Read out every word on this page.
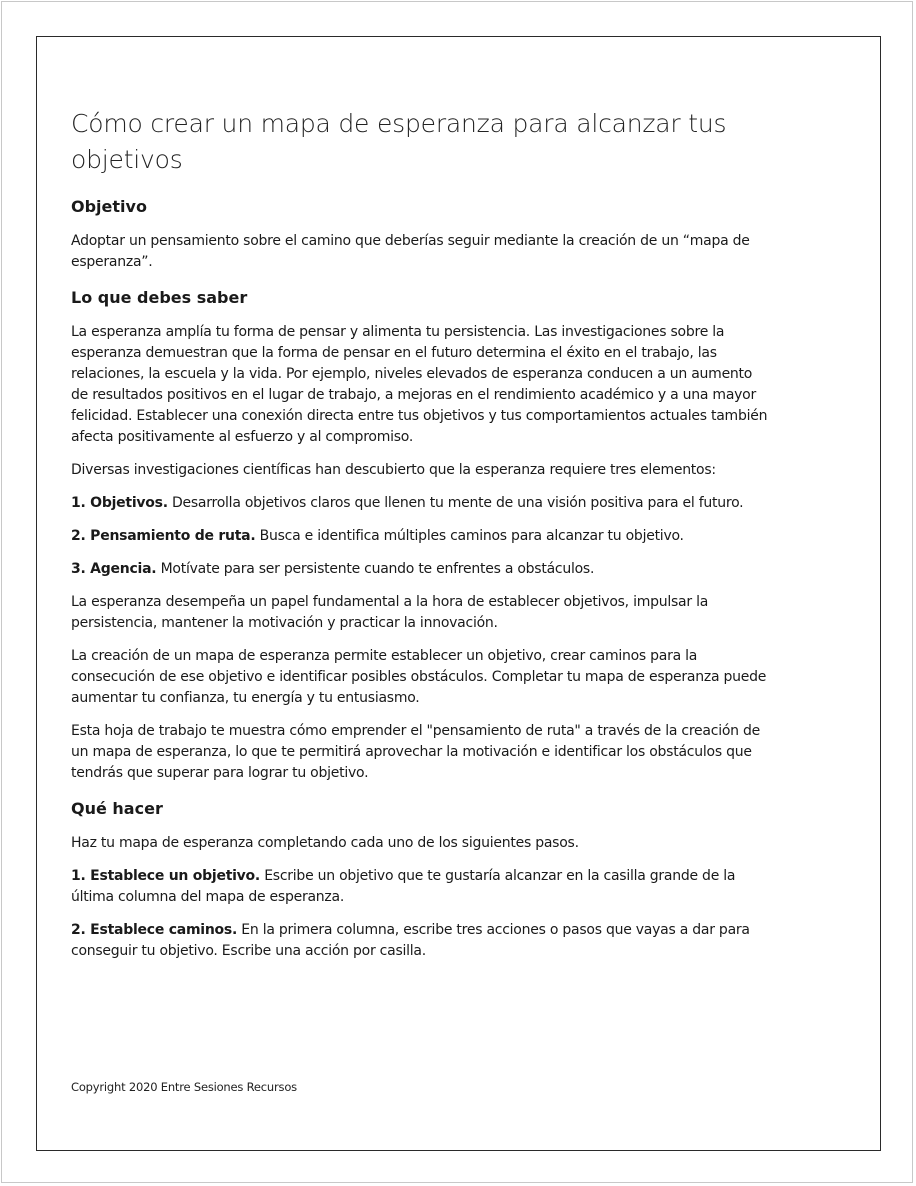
Cómo crear un mapa de esperanza para alcanzar tus objetivos
Objetivo

Adoptar un pensamiento sobre el camino que deberías seguir mediante la creación de un “mapa de esperanza”.

Lo que debes saber

La esperanza amplía tu forma de pensar y alimenta tu persistencia. Las investigaciones sobre la esperanza demuestran que la forma de pensar en el futuro determina el éxito en el trabajo, las relaciones, la escuela y la vida. Por ejemplo, niveles elevados de esperanza conducen a un aumento de resultados positivos en el lugar de trabajo, a mejoras en el rendimiento académico y a una mayor felicidad. Establecer una conexión directa entre tus objetivos y tus comportamientos actuales también afecta positivamente al esfuerzo y al compromiso.

Diversas investigaciones científicas han descubierto que la esperanza requiere tres elementos:

1. Objetivos. Desarrolla objetivos claros que llenen tu mente de una visión positiva para el futuro.

2. Pensamiento de ruta. Busca e identifica múltiples caminos para alcanzar tu objetivo.

3. Agencia. Motívate para ser persistente cuando te enfrentes a obstáculos.

La esperanza desempeña un papel fundamental a la hora de establecer objetivos, impulsar la persistencia, mantener la motivación y practicar la innovación.

La creación de un mapa de esperanza permite establecer un objetivo, crear caminos para la consecución de ese objetivo e identificar posibles obstáculos. Completar tu mapa de esperanza puede aumentar tu confianza, tu energía y tu entusiasmo.

Esta hoja de trabajo te muestra cómo emprender el "pensamiento de ruta" a través de la creación de un mapa de esperanza, lo que te permitirá aprovechar la motivación e identificar los obstáculos que tendrás que superar para lograr tu objetivo.

Qué hacer

Haz tu mapa de esperanza completando cada uno de los siguientes pasos.

1. Establece un objetivo. Escribe un objetivo que te gustaría alcanzar en la casilla grande de la última columna del mapa de esperanza.

2. Establece caminos. En la primera columna, escribe tres acciones o pasos que vayas a dar para conseguir tu objetivo. Escribe una acción por casilla.

Copyright 2020 Entre Sesiones Recursos
